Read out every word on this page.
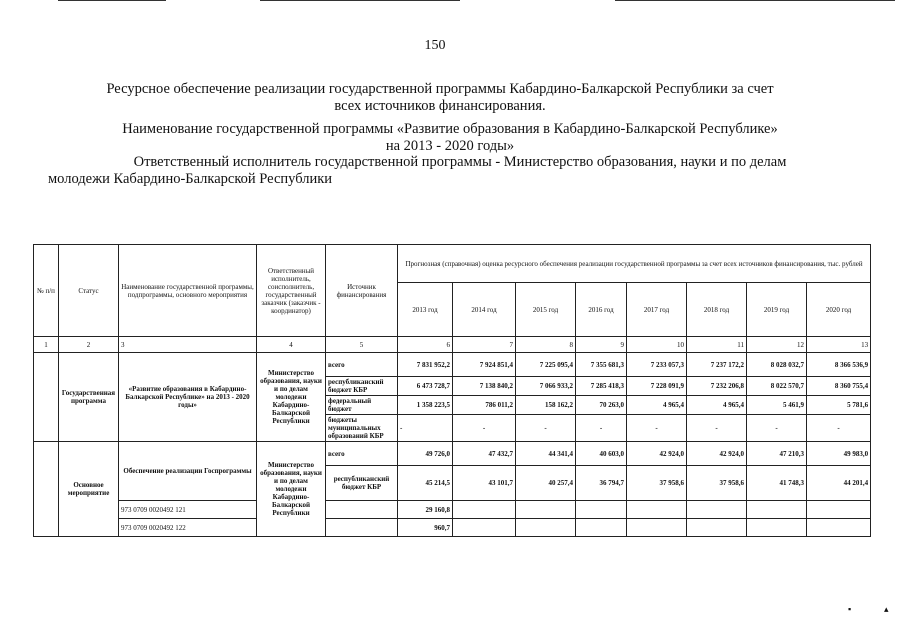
150
Ресурсное обеспечение реализации государственной программы Кабардино-Балкарской Республики за счет
всех источников финансирования.
Наименование государственной программы «Развитие образования в Кабардино-Балкарской Республике»
на 2013 - 2020 годы»
Ответственный исполнитель государственной программы - Министерство образования, науки и по делам
молодежи Кабардино-Балкарской Республики
№ п/п	Статус	Наименование государственной программы, подпрограммы, основного мероприятия	Ответственный исполнитель, соисполнитель, государственный заказчик (заказчик - координатор)	Источник финансирования	Прогнозная (справочная) оценка ресурсного обеспечения реализации государственной программы за счет всех источников финансирования, тыс. рублей							
					2013 год	2014 год	2015 год	2016 год	2017 год	2018 год	2019 год	2020 год
1	2	3	4	5	6	7	8	9	10	11	12	13
	Государственная программа	«Развитие образования в Кабардино-Балкарской Республике» на 2013 - 2020 годы»	Министерство образования, науки и по делам молодежи Кабардино-Балкарской Республики	всего	7 831 952,2	7 924 851,4	7 225 095,4	7 355 681,3	7 233 057,3	7 237 172,2	8 028 032,7	8 366 536,9
				республиканский бюджет КБР	6 473 728,7	7 138 840,2	7 066 933,2	7 285 418,3	7 228 091,9	7 232 206,8	8 022 570,7	8 360 755,4
				федеральный бюджет	1 358 223,5	786 011,2	158 162,2	70 263,0	4 965,4	4 965,4	5 461,9	5 781,6
				бюджеты муниципальных образований КБР	-	-	-	-	-	-	-	-
	Основное мероприятие	Обеспечение реализации Госпрограммы	Министерство образования, науки и по делам молодежи Кабардино-Балкарской Республики	всего	49 726,0	47 432,7	44 341,4	40 603,0	42 924,0	42 924,0	47 210,3	49 983,0
				республиканский бюджет КБР	45 214,5	43 101,7	40 257,4	36 794,7	37 958,6	37 958,6	41 748,3	44 201,4
		973 0709 0020492 121			29 160,8							
		973 0709 0020492 122			960,7							
▪	▴
